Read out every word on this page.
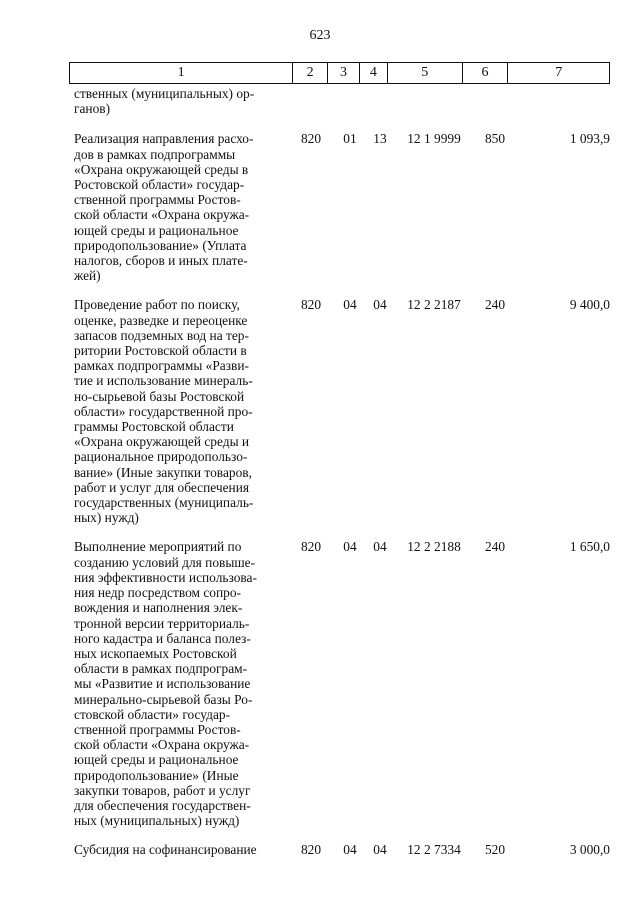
623
1	2	3	4	5	6	7
ственных (муниципальных) ор-
ганов)
Реализация направления расхо-
дов в рамках подпрограммы
«Охрана окружающей среды в
Ростовской области» государ-
ственной программы Ростов-
ской области «Охрана окружа-
ющей среды и рациональное
природопользование» (Уплата
налогов, сборов и иных плате-
жей)
820	01	13	12 1 9999	850	1 093,9
Проведение работ по поиску,
оценке, разведке и переоценке
запасов подземных вод на тер-
ритории Ростовской области в
рамках подпрограммы «Разви-
тие и использование минераль-
но-сырьевой базы Ростовской
области» государственной про-
граммы Ростовской области
«Охрана окружающей среды и
рациональное природопользо-
вание» (Иные закупки товаров,
работ и услуг для обеспечения
государственных (муниципаль-
ных) нужд)
820	04	04	12 2 2187	240	9 400,0
Выполнение мероприятий по
созданию условий для повыше-
ния эффективности использова-
ния недр посредством сопро-
вождения и наполнения элек-
тронной версии территориаль-
ного кадастра и баланса полез-
ных ископаемых Ростовской
области в рамках подпрограм-
мы «Развитие и использование
минерально-сырьевой базы Ро-
стовской области» государ-
ственной программы Ростов-
ской области «Охрана окружа-
ющей среды и рациональное
природопользование» (Иные
закупки товаров, работ и услуг
для обеспечения государствен-
ных (муниципальных) нужд)
820	04	04	12 2 2188	240	1 650,0
Субсидия на софинансирование	820	04	04	12 2 7334	520	3 000,0
